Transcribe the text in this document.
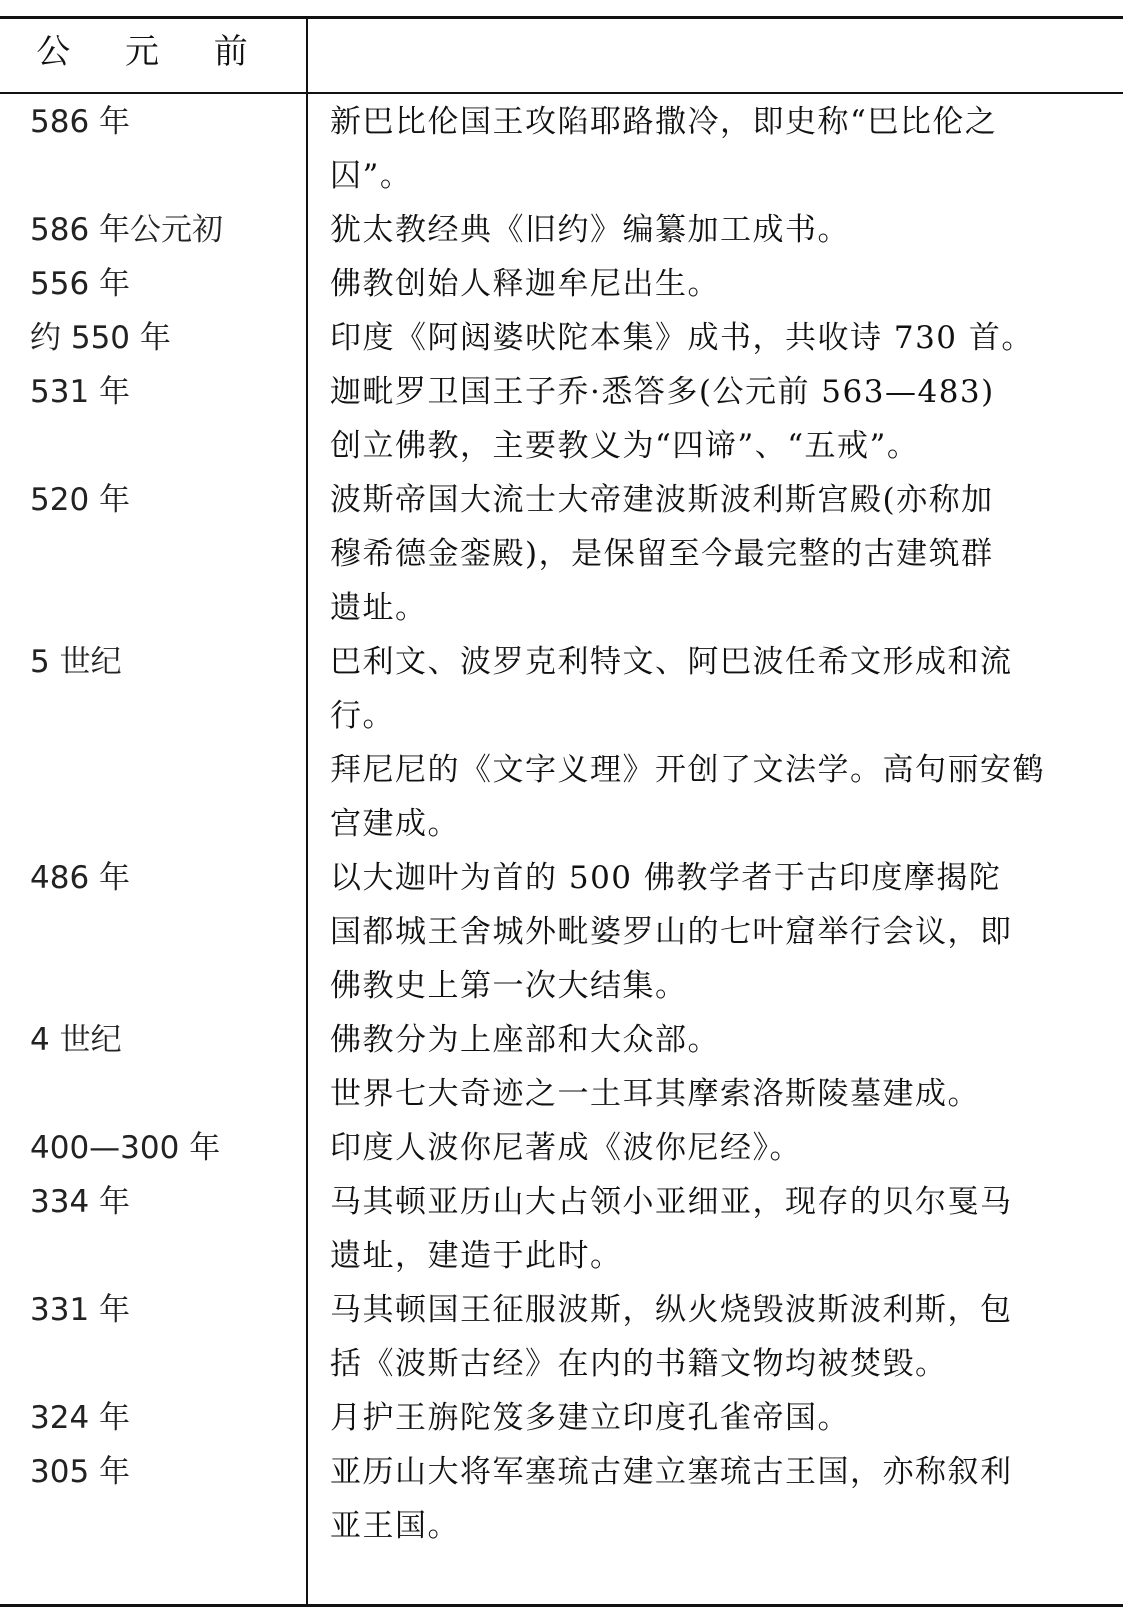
公 元 前
586 年	新巴比伦国王攻陷耶路撒冷，即史称“巴比伦之
囚”。
586 年公元初	犹太教经典《旧约》编纂加工成书。
556 年	佛教创始人释迦牟尼出生。
约 550 年	印度《阿闼婆吠陀本集》成书，共收诗 730 首。
531 年	迦毗罗卫国王子乔·悉答多(公元前 563—483)
创立佛教，主要教义为“四谛”、“五戒”。
520 年	波斯帝国大流士大帝建波斯波利斯宫殿(亦称加
穆希德金銮殿)，是保留至今最完整的古建筑群
遗址。
5 世纪	巴利文、波罗克利特文、阿巴波任希文形成和流
行。
拜尼尼的《文字义理》开创了文法学。高句丽安鹤
宫建成。
486 年	以大迦叶为首的 500 佛教学者于古印度摩揭陀
国都城王舍城外毗婆罗山的七叶窟举行会议，即
佛教史上第一次大结集。
4 世纪	佛教分为上座部和大众部。
世界七大奇迹之一土耳其摩索洛斯陵墓建成。
400—300 年	印度人波你尼著成《波你尼经》。
334 年	马其顿亚历山大占领小亚细亚，现存的贝尔戛马
遗址，建造于此时。
331 年	马其顿国王征服波斯，纵火烧毁波斯波利斯，包
括《波斯古经》在内的书籍文物均被焚毁。
324 年	月护王旃陀笈多建立印度孔雀帝国。
305 年	亚历山大将军塞琉古建立塞琉古王国，亦称叙利
亚王国。
